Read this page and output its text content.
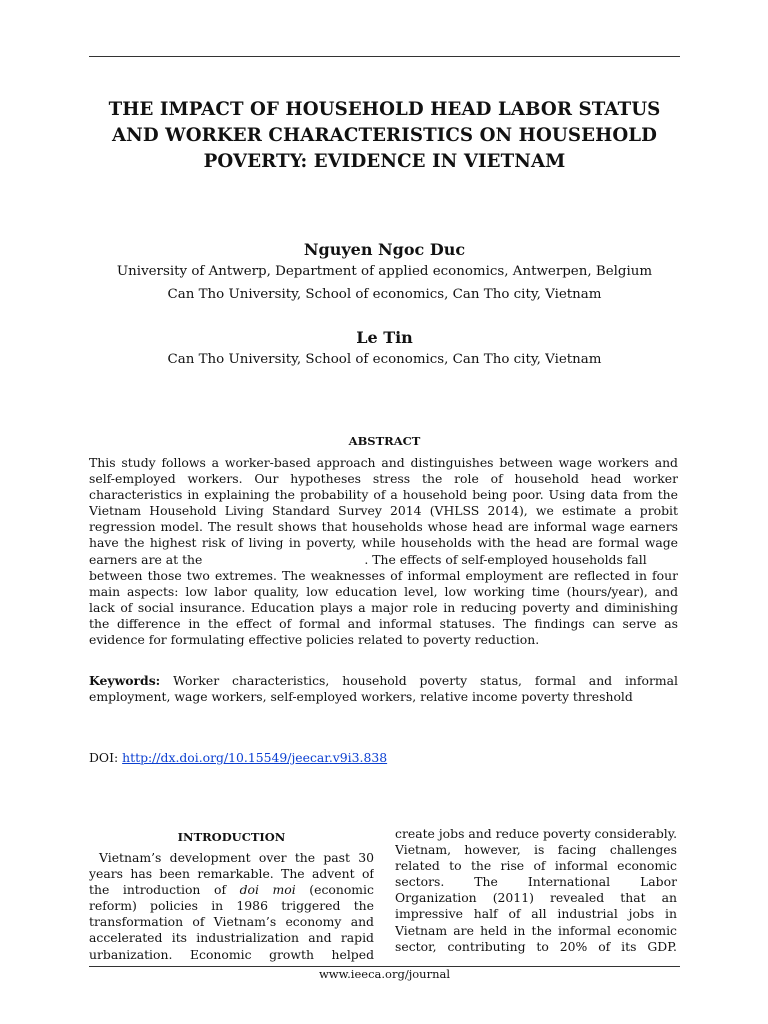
THE IMPACT OF HOUSEHOLD HEAD LABOR STATUS
AND WORKER CHARACTERISTICS ON HOUSEHOLD
POVERTY: EVIDENCE IN VIETNAM
Nguyen Ngoc Duc
University of Antwerp, Department of applied economics, Antwerpen, Belgium
Can Tho University, School of economics, Can Tho city, Vietnam
Le Tin
Can Tho University, School of economics, Can Tho city, Vietnam
ABSTRACT
This study follows a worker-based approach and distinguishes between wage workers and
self-employed workers. Our hypotheses stress the role of household head worker
characteristics in explaining the probability of a household being poor. Using data from the
Vietnam Household Living Standard Survey 2014 (VHLSS 2014), we estimate a probit
regression model. The result shows that households whose head are informal wage earners
have the highest risk of living in poverty, while households with the head are formal wage
earners are at the	. The effects of self-employed households fall
between those two extremes. The weaknesses of informal employment are reflected in four
main aspects: low labor quality, low education level, low working time (hours/year), and
lack of social insurance. Education plays a major role in reducing poverty and diminishing
the difference in the effect of formal and informal statuses. The findings can serve as
evidence for formulating effective policies related to poverty reduction.
Keywords: Worker characteristics, household poverty status, formal and informal
employment, wage workers, self-employed workers, relative income poverty threshold
DOI: http://dx.doi.org/10.15549/jeecar.v9i3.838
INTRODUCTION
Vietnam’s development over the past 30
years has been remarkable. The advent of
the introduction of doi moi (economic
reform) policies in 1986 triggered the
transformation of Vietnam’s economy and
accelerated its industrialization and rapid
urbanization. Economic growth helped
create jobs and reduce poverty considerably.
Vietnam, however, is facing challenges
related to the rise of informal economic
sectors. The International Labor
Organization (2011) revealed that an
impressive half of all industrial jobs in
Vietnam are held in the informal economic
sector, contributing to 20% of its GDP.
www.ieeca.org/journal
